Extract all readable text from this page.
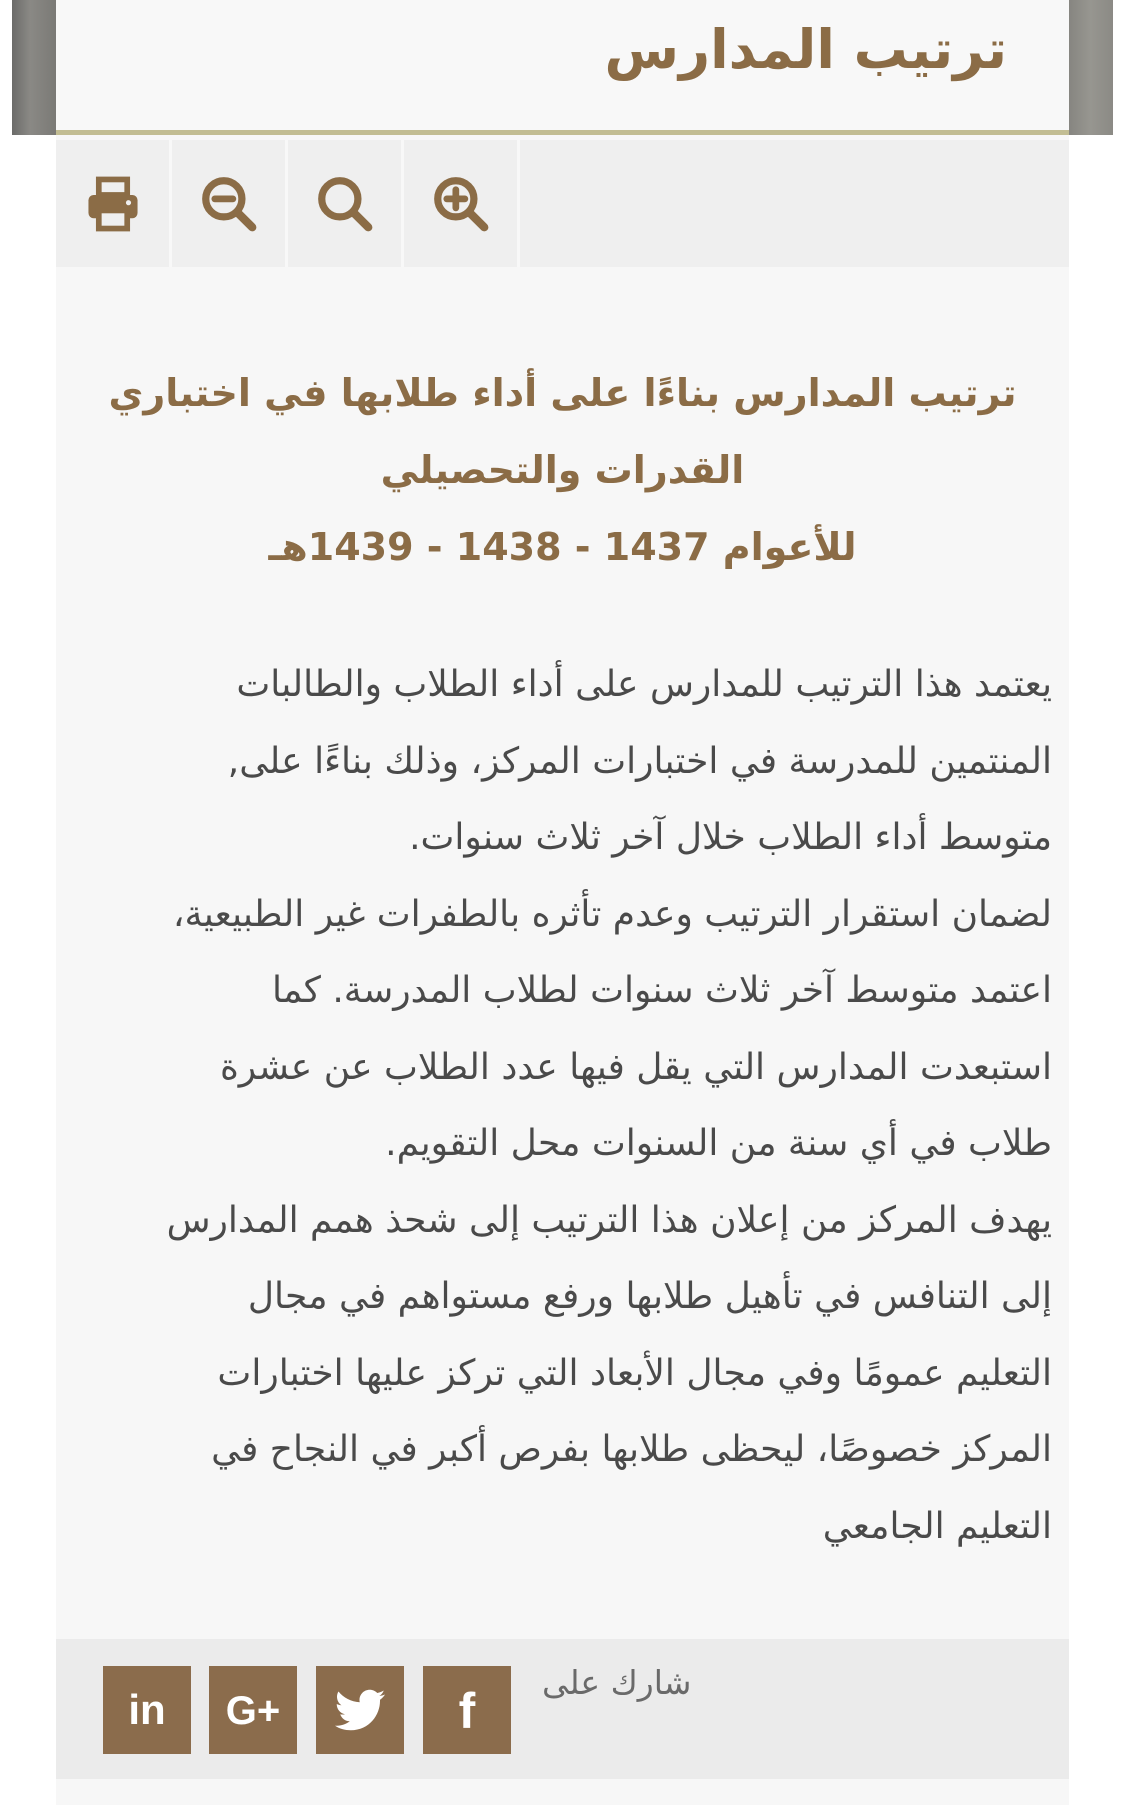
ترتيب المدارس
ترتيب المدارس بناءًا على أداء طلابها في اختباري
القدرات والتحصيلي
للأعوام 1437 - 1438 - 1439هـ

يعتمد هذا الترتيب للمدارس على أداء الطلاب والطالبات
المنتمين للمدرسة في اختبارات المركز، وذلك بناءًا على,
متوسط أداء الطلاب خلال آخر ثلاث سنوات.
لضمان استقرار الترتيب وعدم تأثره بالطفرات غير الطبيعية،
اعتمد متوسط آخر ثلاث سنوات لطلاب المدرسة. كما
استبعدت المدارس التي يقل فيها عدد الطلاب عن عشرة
طلاب في أي سنة من السنوات محل التقويم.
يهدف المركز من إعلان هذا الترتيب إلى شحذ همم المدارس
إلى التنافس في تأهيل طلابها ورفع مستواهم في مجال
التعليم عمومًا وفي مجال الأبعاد التي تركز عليها اختبارات
المركز خصوصًا، ليحظى طلابها بفرص أكبر في النجاح في
التعليم الجامعي

شارك على
in G+	f
